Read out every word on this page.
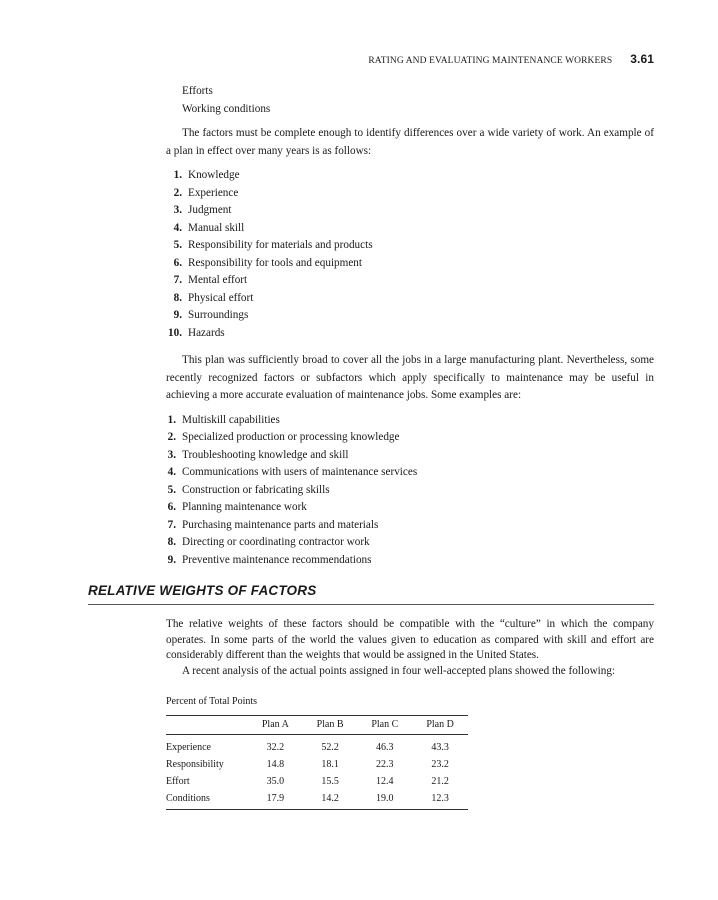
RATING AND EVALUATING MAINTENANCE WORKERS 3.61
Efforts
Working conditions

The factors must be complete enough to identify differences over a wide variety of work. An example of a plan in effect over many years is as follows:

1. Knowledge
2. Experience
3. Judgment
4. Manual skill
5. Responsibility for materials and products
6. Responsibility for tools and equipment
7. Mental effort
8. Physical effort
9. Surroundings
10. Hazards

This plan was sufficiently broad to cover all the jobs in a large manufacturing plant. Nevertheless, some recently recognized factors or subfactors which apply specifically to maintenance may be useful in achieving a more accurate evaluation of maintenance jobs. Some examples are:

1. Multiskill capabilities
2. Specialized production or processing knowledge
3. Troubleshooting knowledge and skill
4. Communications with users of maintenance services
5. Construction or fabricating skills
6. Planning maintenance work
7. Purchasing maintenance parts and materials
8. Directing or coordinating contractor work
9. Preventive maintenance recommendations
RELATIVE WEIGHTS OF FACTORS

The relative weights of these factors should be compatible with the “culture” in which the company operates. In some parts of the world the values given to education as compared with skill and effort are considerably different than the weights that would be assigned in the United States.

A recent analysis of the actual points assigned in four well-accepted plans showed the following:

Percent of Total Points
	Plan A	Plan B	Plan C	Plan D
Experience	32.2	52.2	46.3	43.3
Responsibility	14.8	18.1	22.3	23.2
Effort	35.0	15.5	12.4	21.2
Conditions	17.9	14.2	19.0	12.3
